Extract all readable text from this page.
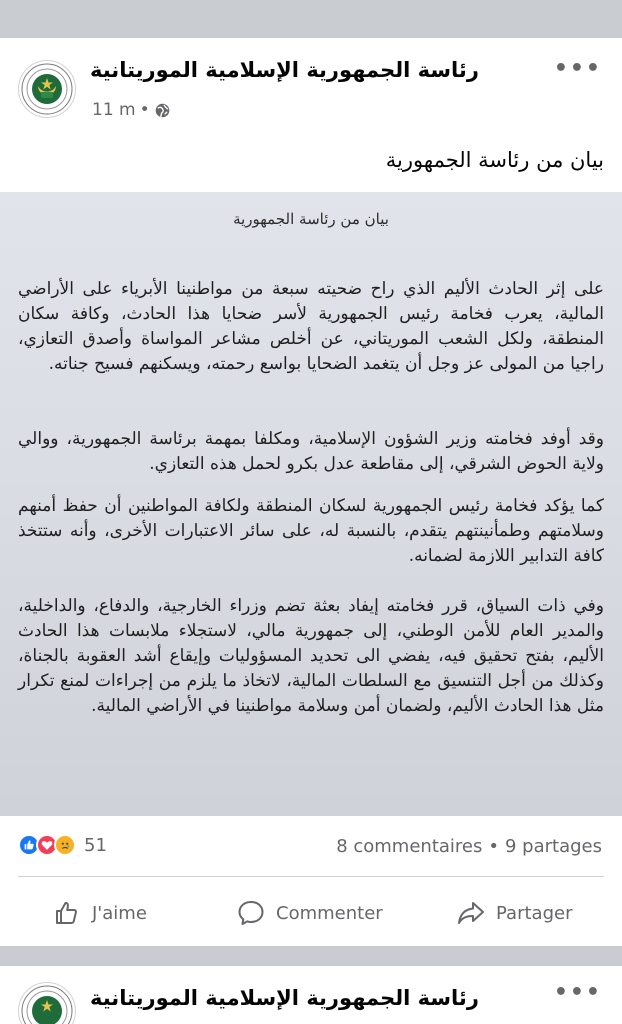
رئاسة الجمهورية الإسلامية الموريتانية
11 m •
•••
بيان من رئاسة الجمهورية
بيان من رئاسة الجمهورية

على إثر الحادث الأليم الذي راح ضحيته سبعة من مواطنينا الأبرياء على الأراضي المالية، يعرب فخامة رئيس الجمهورية لأسر ضحايا هذا الحادث، وكافة سكان المنطقة، ولكل الشعب الموريتاني، عن أخلص مشاعر المواساة وأصدق التعازي، راجيا من المولى عز وجل أن يتغمد الضحايا بواسع رحمته، ويسكنهم فسيح جناته.

وقد أوفد فخامته وزير الشؤون الإسلامية، ومكلفا بمهمة برئاسة الجمهورية، ووالي ولاية الحوض الشرقي، إلى مقاطعة عدل بكرو لحمل هذه التعازي.

كما يؤكد فخامة رئيس الجمهورية لسكان المنطقة ولكافة المواطنين أن حفظ أمنهم وسلامتهم وطمأنينتهم يتقدم، بالنسبة له، على سائر الاعتبارات الأخرى، وأنه ستتخذ كافة التدابير اللازمة لضمانه.

وفي ذات السياق، قرر فخامته إيفاد بعثة تضم وزراء الخارجية، والدفاع، والداخلية، والمدير العام للأمن الوطني، إلى جمهورية مالي، لاستجلاء ملابسات هذا الحادث الأليم، بفتح تحقيق فيه، يفضي الى تحديد المسؤوليات وإيقاع أشد العقوبة بالجناة، وكذلك من أجل التنسيق مع السلطات المالية، لاتخاذ ما يلزم من إجراءات لمنع تكرار مثل هذا الحادث الأليم، ولضمان أمن وسلامة مواطنينا في الأراضي المالية.

51	8 commentaires • 9 partages
J'aime	Commenter	Partager
رئاسة الجمهورية الإسلامية الموريتانية	•••
